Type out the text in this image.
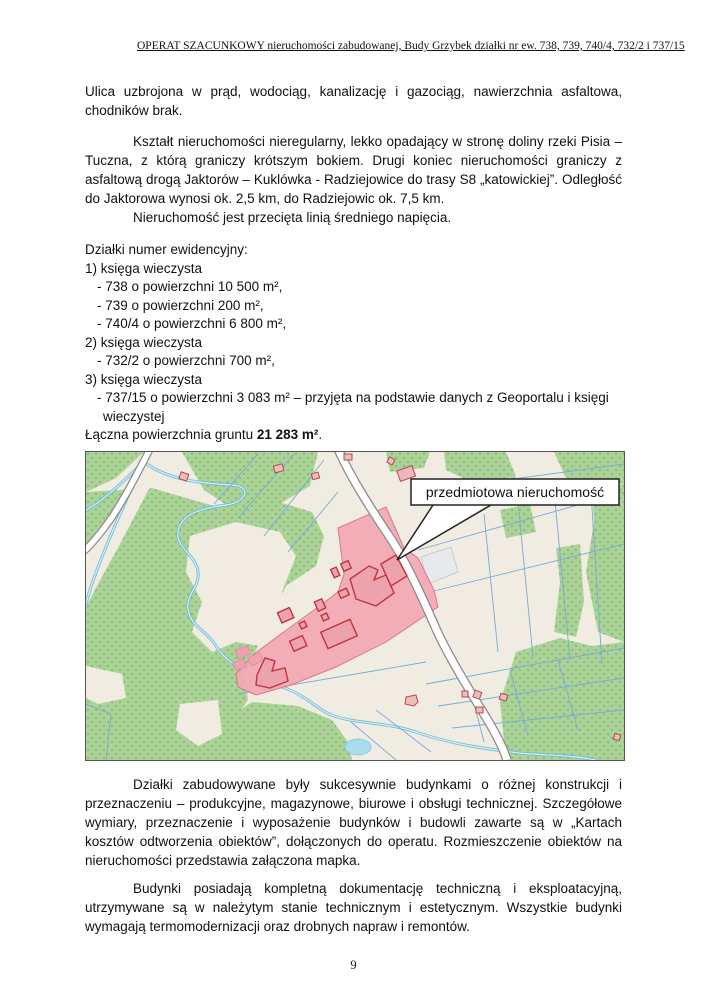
OPERAT SZACUNKOWY nieruchomości zabudowanej, Budy Grzybek działki nr ew. 738, 739, 740/4, 732/2 i 737/15

Ulica uzbrojona w prąd, wodociąg, kanalizację i gazociąg, nawierzchnia asfaltowa, chodników brak.

Kształt nieruchomości nieregularny, lekko opadający w stronę doliny rzeki Pisia – Tuczna, z którą graniczy krótszym bokiem. Drugi koniec nieruchomości graniczy z asfaltową drogą Jaktorów – Kuklówka - Radziejowice do trasy S8 „katowickiej”. Odległość do Jaktorowa wynosi ok. 2,5 km, do Radziejowic ok. 7,5 km.

Nieruchomość jest przecięta linią średniego napięcia.

Działki numer ewidencyjny:
1) księga wieczysta
- 738 o powierzchni 10 500 m²,
- 739 o powierzchni 200 m²,
- 740/4 o powierzchni 6 800 m²,
2) księga wieczysta
- 732/2 o powierzchni 700 m²,
3) księga wieczysta
- 737/15 o powierzchni 3 083 m² – przyjęta na podstawie danych z Geoportalu i księgi wieczystej
Łączna powierzchnia gruntu 21 283 m².
przedmiotowa nieruchomość

Działki zabudowywane były sukcesywnie budynkami o różnej konstrukcji i przeznaczeniu – produkcyjne, magazynowe, biurowe i obsługi technicznej. Szczegółowe wymiary, przeznaczenie i wyposażenie budynków i budowli zawarte są w „Kartach kosztów odtworzenia obiektów”, dołączonych do operatu. Rozmieszczenie obiektów na nieruchomości przedstawia załączona mapka.

Budynki posiadają kompletną dokumentację techniczną i eksploatacyjną, utrzymywane są w należytym stanie technicznym i estetycznym. Wszystkie budynki wymagają termomodernizacji oraz drobnych napraw i remontów.

9
